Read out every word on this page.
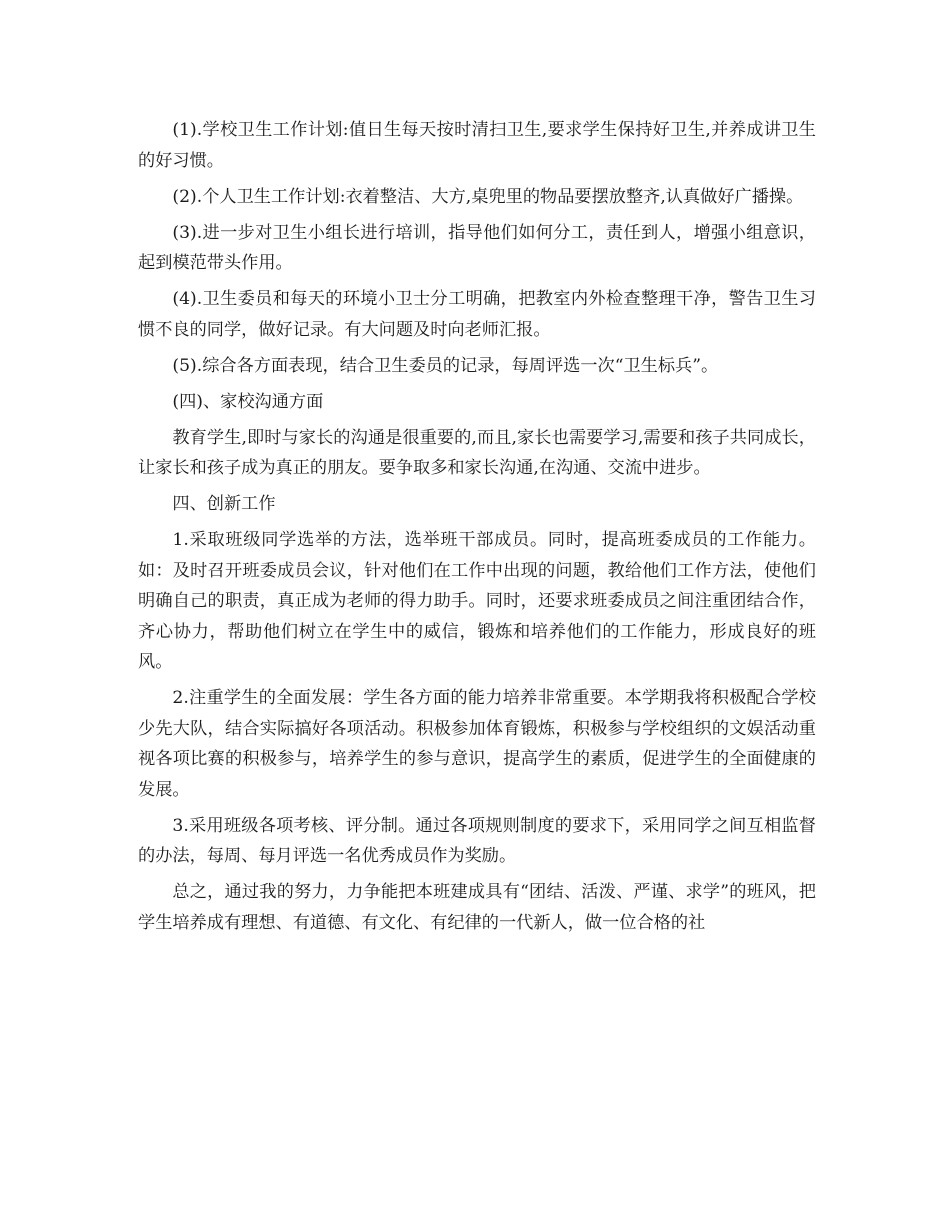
(1).学校卫生工作计划:值日生每天按时清扫卫生,要求学生保持好卫生,并养成讲卫生的好习惯。

(2).个人卫生工作计划:衣着整洁、大方,桌兜里的物品要摆放整齐,认真做好广播操。

(3).进一步对卫生小组长进行培训，指导他们如何分工，责任到人，增强小组意识，起到模范带头作用。

(4).卫生委员和每天的环境小卫士分工明确，把教室内外检查整理干净，警告卫生习惯不良的同学，做好记录。有大问题及时向老师汇报。

(5).综合各方面表现，结合卫生委员的记录，每周评选一次“卫生标兵”。

(四)、家校沟通方面

教育学生,即时与家长的沟通是很重要的,而且,家长也需要学习,需要和孩子共同成长，让家长和孩子成为真正的朋友。要争取多和家长沟通,在沟通、交流中进步。

四、创新工作

1.采取班级同学选举的方法，选举班干部成员。同时，提高班委成员的工作能力。如：及时召开班委成员会议，针对他们在工作中出现的问题，教给他们工作方法，使他们明确自己的职责，真正成为老师的得力助手。同时，还要求班委成员之间注重团结合作，齐心协力，帮助他们树立在学生中的威信，锻炼和培养他们的工作能力，形成良好的班风。

2.注重学生的全面发展：学生各方面的能力培养非常重要。本学期我将积极配合学校少先大队，结合实际搞好各项活动。积极参加体育锻炼，积极参与学校组织的文娱活动重视各项比赛的积极参与，培养学生的参与意识，提高学生的素质，促进学生的全面健康的发展。

3.采用班级各项考核、评分制。通过各项规则制度的要求下，采用同学之间互相监督的办法，每周、每月评选一名优秀成员作为奖励。

总之，通过我的努力，力争能把本班建成具有“团结、活泼、严谨、求学”的班风，把学生培养成有理想、有道德、有文化、有纪律的一代新人，做一位合格的社
